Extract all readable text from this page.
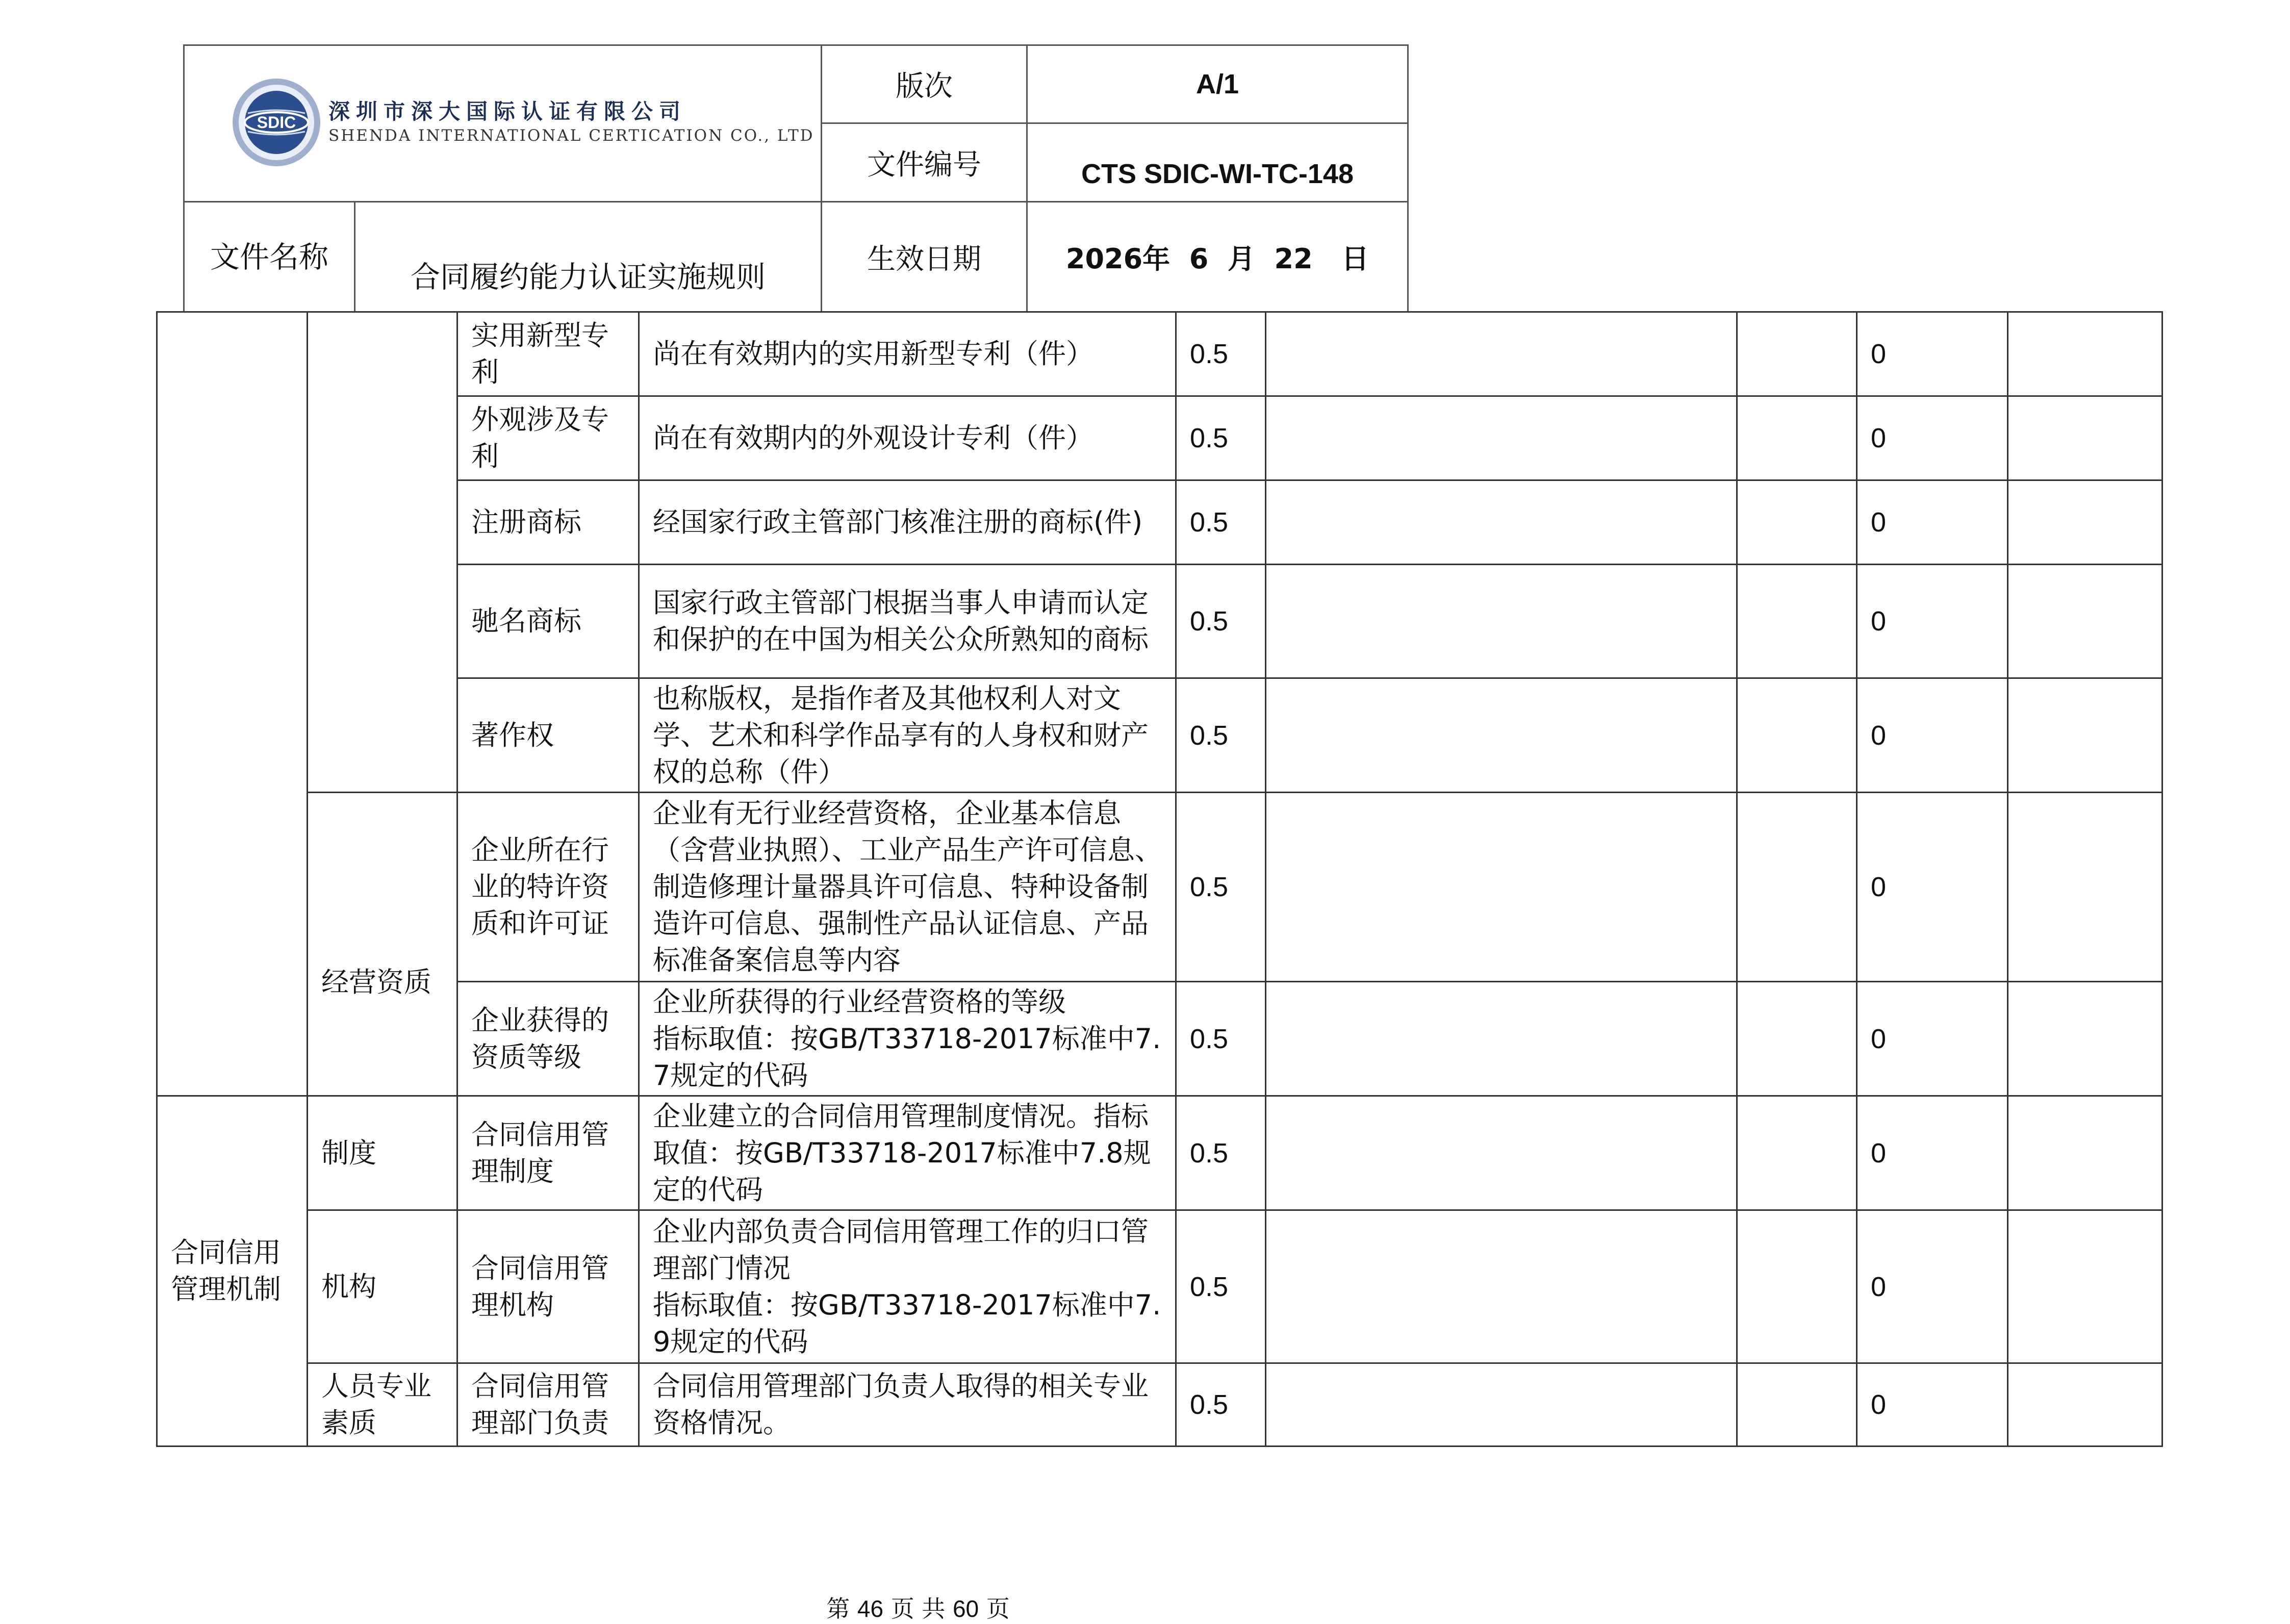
SDIC 深圳市深大国际认证有限公司
SHENDA INTERNATIONAL CERTICATION CO., LTD		版次	A/1
		文件编号	CTS SDIC-WI-TC-148
文件名称	合同履约能力认证实施规则	生效日期	2026年  6  月  22   日
		实用新型专利	尚在有效期内的实用新型专利（件）	0.5			0	
		外观涉及专利	尚在有效期内的外观设计专利（件）	0.5			0	
		注册商标	经国家行政主管部门核准注册的商标(件)	0.5			0	
		驰名商标	国家行政主管部门根据当事人申请而认定和保护的在中国为相关公众所熟知的商标	0.5			0	
		著作权	也称版权，是指作者及其他权利人对文学、艺术和科学作品享有的人身权和财产权的总称（件）	0.5			0	
	经营资质	企业所在行业的特许资质和许可证	企业有无行业经营资格，企业基本信息（含营业执照）、工业产品生产许可信息、制造修理计量器具许可信息、特种设备制造许可信息、强制性产品认证信息、产品标准备案信息等内容	0.5			0	
		企业获得的资质等级	企业所获得的行业经营资格的等级
指标取值：按GB/T33718-2017标准中7.7规定的代码	0.5			0	
合同信用管理机制	制度	合同信用管理制度	企业建立的合同信用管理制度情况。指标取值：按GB/T33718-2017标准中7.8规定的代码	0.5			0	
	机构	合同信用管理机构	企业内部负责合同信用管理工作的归口管理部门情况
指标取值：按GB/T33718-2017标准中7.9规定的代码	0.5			0	
	人员专业素质	合同信用管理部门负责	合同信用管理部门负责人取得的相关专业资格情况。	0.5			0	
第 46 页 共 60 页
